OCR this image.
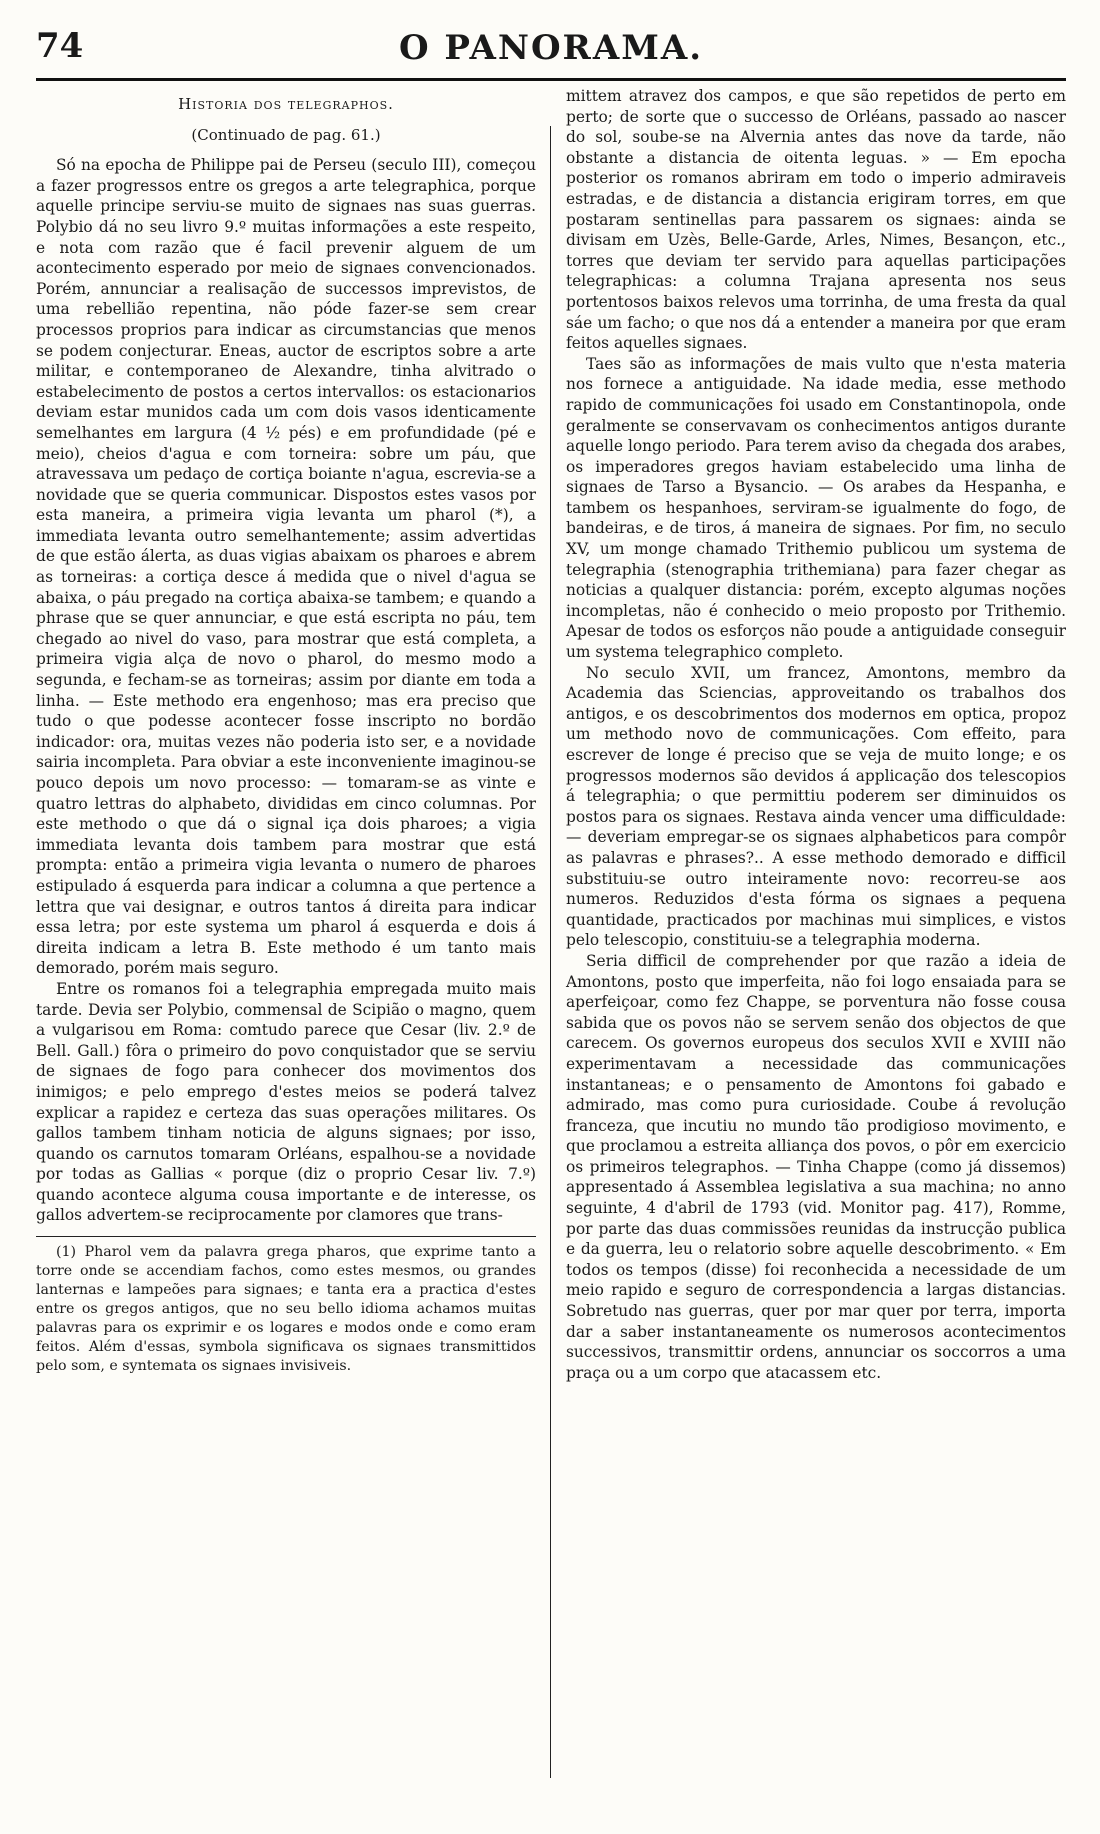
74	O PANORAMA.
Historia dos telegraphos.
(Continuado de pag. 61.)

Só na epocha de Philippe pai de Perseu (seculo III), começou a fazer progressos entre os gregos a arte telegraphica, porque aquelle principe serviu-se muito de signaes nas suas guerras. Polybio dá no seu livro 9.º muitas informações a este respeito, e nota com razão que é facil prevenir alguem de um acontecimento esperado por meio de signaes convencionados. Porém, annunciar a realisação de successos imprevistos, de uma rebellião repentina, não póde fazer-se sem crear processos proprios para indicar as circumstancias que menos se podem conjecturar. Eneas, auctor de escriptos sobre a arte militar, e contemporaneo de Alexandre, tinha alvitrado o estabelecimento de postos a certos intervallos: os estacionarios deviam estar munidos cada um com dois vasos identicamente semelhantes em largura (4 ½ pés) e em profundidade (pé e meio), cheios d'agua e com torneira: sobre um páu, que atravessava um pedaço de cortiça boiante n'agua, escrevia-se a novidade que se queria communicar. Dispostos estes vasos por esta maneira, a primeira vigia levanta um pharol (*), a immediata levanta outro semelhantemente; assim advertidas de que estão álerta, as duas vigias abaixam os pharoes e abrem as torneiras: a cortiça desce á medida que o nivel d'agua se abaixa, o páu pregado na cortiça abaixa-se tambem; e quando a phrase que se quer annunciar, e que está escripta no páu, tem chegado ao nivel do vaso, para mostrar que está completa, a primeira vigia alça de novo o pharol, do mesmo modo a segunda, e fecham-se as torneiras; assim por diante em toda a linha. — Este methodo era engenhoso; mas era preciso que tudo o que podesse acontecer fosse inscripto no bordão indicador: ora, muitas vezes não poderia isto ser, e a novidade sairia incompleta. Para obviar a este inconveniente imaginou-se pouco depois um novo processo: — tomaram-se as vinte e quatro lettras do alphabeto, divididas em cinco columnas. Por este methodo o que dá o signal iça dois pharoes; a vigia immediata levanta dois tambem para mostrar que está prompta: então a primeira vigia levanta o numero de pharoes estipulado á esquerda para indicar a columna a que pertence a lettra que vai designar, e outros tantos á direita para indicar essa letra; por este systema um pharol á esquerda e dois á direita indicam a letra B. Este methodo é um tanto mais demorado, porém mais seguro.

Entre os romanos foi a telegraphia empregada muito mais tarde. Devia ser Polybio, commensal de Scipião o magno, quem a vulgarisou em Roma: comtudo parece que Cesar (liv. 2.º de Bell. Gall.) fôra o primeiro do povo conquistador que se serviu de signaes de fogo para conhecer dos movimentos dos inimigos; e pelo emprego d'estes meios se poderá talvez explicar a rapidez e certeza das suas operações militares. Os gallos tambem tinham noticia de alguns signaes; por isso, quando os carnutos tomaram Orléans, espalhou-se a novidade por todas as Gallias « porque (diz o proprio Cesar liv. 7.º) quando acontece alguma cousa importante e de interesse, os gallos advertem-se reciprocamente por clamores que trans-

(1) Pharol vem da palavra grega pharos, que exprime tanto a torre onde se accendiam fachos, como estes mesmos, ou grandes lanternas e lampeões para signaes; e tanta era a practica d'estes entre os gregos antigos, que no seu bello idioma achamos muitas palavras para os exprimir e os logares e modos onde e como eram feitos. Além d'essas, symbola significava os signaes transmittidos pelo som, e syntemata os signaes invisiveis.

mittem atravez dos campos, e que são repetidos de perto em perto; de sorte que o successo de Orléans, passado ao nascer do sol, soube-se na Alvernia antes das nove da tarde, não obstante a distancia de oitenta leguas. » — Em epocha posterior os romanos abriram em todo o imperio admiraveis estradas, e de distancia a distancia erigiram torres, em que postaram sentinellas para passarem os signaes: ainda se divisam em Uzès, Belle-Garde, Arles, Nimes, Besançon, etc., torres que deviam ter servido para aquellas participações telegraphicas: a columna Trajana apresenta nos seus portentosos baixos relevos uma torrinha, de uma fresta da qual sáe um facho; o que nos dá a entender a maneira por que eram feitos aquelles signaes.

Taes são as informações de mais vulto que n'esta materia nos fornece a antiguidade. Na idade media, esse methodo rapido de communicações foi usado em Constantinopola, onde geralmente se conservavam os conhecimentos antigos durante aquelle longo periodo. Para terem aviso da chegada dos arabes, os imperadores gregos haviam estabelecido uma linha de signaes de Tarso a Bysancio. — Os arabes da Hespanha, e tambem os hespanhoes, serviram-se igualmente do fogo, de bandeiras, e de tiros, á maneira de signaes. Por fim, no seculo XV, um monge chamado Trithemio publicou um systema de telegraphia (stenographia trithemiana) para fazer chegar as noticias a qualquer distancia: porém, excepto algumas noções incompletas, não é conhecido o meio proposto por Trithemio. Apesar de todos os esforços não poude a antiguidade conseguir um systema telegraphico completo.

No seculo XVII, um francez, Amontons, membro da Academia das Sciencias, approveitando os trabalhos dos antigos, e os descobrimentos dos modernos em optica, propoz um methodo novo de communicações. Com effeito, para escrever de longe é preciso que se veja de muito longe; e os progressos modernos são devidos á applicação dos telescopios á telegraphia; o que permittiu poderem ser diminuidos os postos para os signaes. Restava ainda vencer uma difficuldade: — deveriam empregar-se os signaes alphabeticos para compôr as palavras e phrases?.. A esse methodo demorado e difficil substituiu-se outro inteiramente novo: recorreu-se aos numeros. Reduzidos d'esta fórma os signaes a pequena quantidade, practicados por machinas mui simplices, e vistos pelo telescopio, constituiu-se a telegraphia moderna.

Seria difficil de comprehender por que razão a ideia de Amontons, posto que imperfeita, não foi logo ensaiada para se aperfeiçoar, como fez Chappe, se porventura não fosse cousa sabida que os povos não se servem senão dos objectos de que carecem. Os governos europeus dos seculos XVII e XVIII não experimentavam a necessidade das communicações instantaneas; e o pensamento de Amontons foi gabado e admirado, mas como pura curiosidade. Coube á revolução franceza, que incutiu no mundo tão prodigioso movimento, e que proclamou a estreita alliança dos povos, o pôr em exercicio os primeiros telegraphos. — Tinha Chappe (como já dissemos) appresentado á Assemblea legislativa a sua machina; no anno seguinte, 4 d'abril de 1793 (vid. Monitor pag. 417), Romme, por parte das duas commissões reunidas da instrucção publica e da guerra, leu o relatorio sobre aquelle descobrimento. « Em todos os tempos (disse) foi reconhecida a necessidade de um meio rapido e seguro de correspondencia a largas distancias. Sobretudo nas guerras, quer por mar quer por terra, importa dar a saber instantaneamente os numerosos acontecimentos successivos, transmittir ordens, annunciar os soccorros a uma praça ou a um corpo que atacassem etc.
